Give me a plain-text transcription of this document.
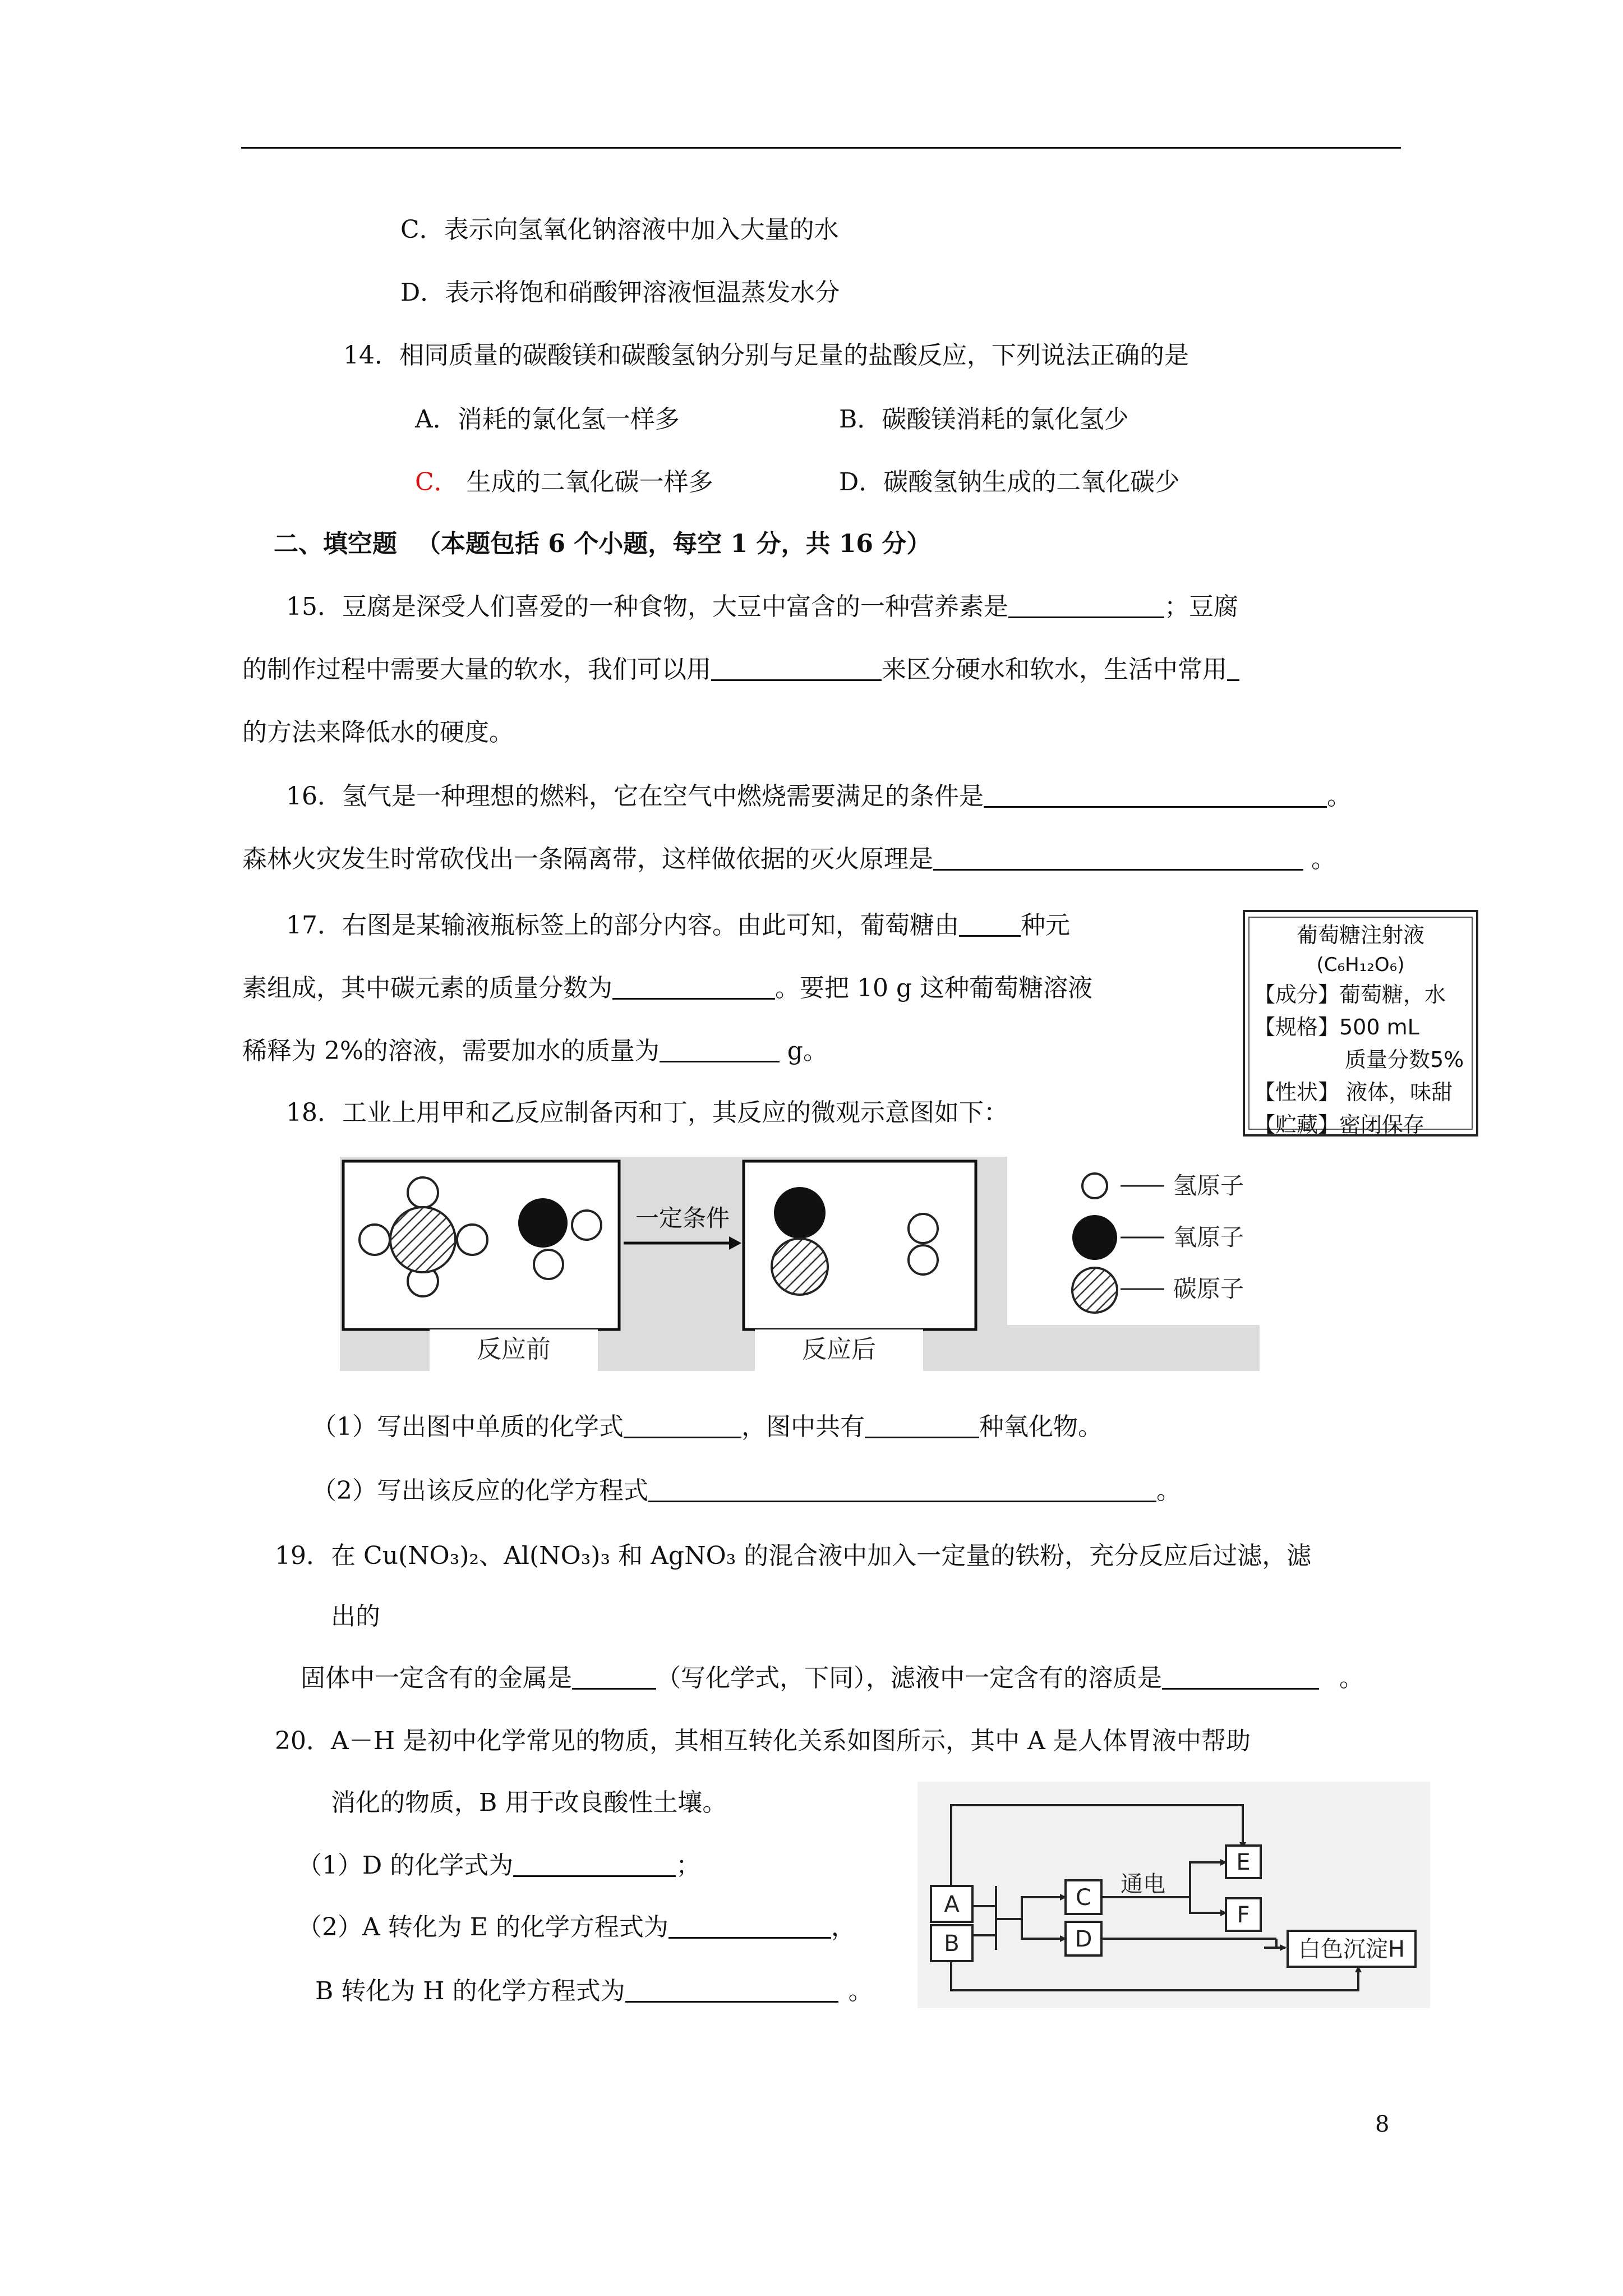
C．表示向氢氧化钠溶液中加入大量的水
D．表示将饱和硝酸钾溶液恒温蒸发水分
14．相同质量的碳酸镁和碳酸氢钠分别与足量的盐酸反应，下列说法正确的是
A．消耗的氯化氢一样多	B．碳酸镁消耗的氯化氢少
C． 生成的二氧化碳一样多	D．碳酸氢钠生成的二氧化碳少
二、填空题 （本题包括 6 个小题，每空 1 分，共 16 分）
15．豆腐是深受人们喜爱的一种食物，大豆中富含的一种营养素是	；豆腐
的制作过程中需要大量的软水，我们可以用	来区分硬水和软水，生活中常用
的方法来降低水的硬度。
16．氢气是一种理想的燃料，它在空气中燃烧需要满足的条件是	。
森林火灾发生时常砍伐出一条隔离带，这样做依据的灭火原理是	。
17．右图是某输液瓶标签上的部分内容。由此可知，葡萄糖由	种元
素组成，其中碳元素的质量分数为	。要把 10 g 这种葡萄糖溶液
稀释为 2%的溶液，需要加水的质量为	g。
葡萄糖注射液
(C₆H₁₂O₆)
【成分】葡萄糖，水
【规格】500 mL
质量分数5%
【性状】 液体，味甜
【贮藏】密闭保存
18．工业上用甲和乙反应制备丙和丁，其反应的微观示意图如下：
反应前	反应后
一定条件
氢原子
氧原子
碳原子
（1）写出图中单质的化学式	，图中共有	种氧化物。
（2）写出该反应的化学方程式	。
19．在 Cu(NO₃)₂、Al(NO₃)₃ 和 AgNO₃ 的混合液中加入一定量的铁粉，充分反应后过滤，滤
出的
固体中一定含有的金属是	（写化学式，下同），滤液中一定含有的溶质是	。
20．A－H 是初中化学常见的物质，其相互转化关系如图所示，其中 A 是人体胃液中帮助
消化的物质，B 用于改良酸性土壤。
（1）D 的化学式为	；
（2）A 转化为 E 的化学方程式为	，
B 转化为 H 的化学方程式为	。
A
B
C
D
通电
E
F
白色沉淀H
8
